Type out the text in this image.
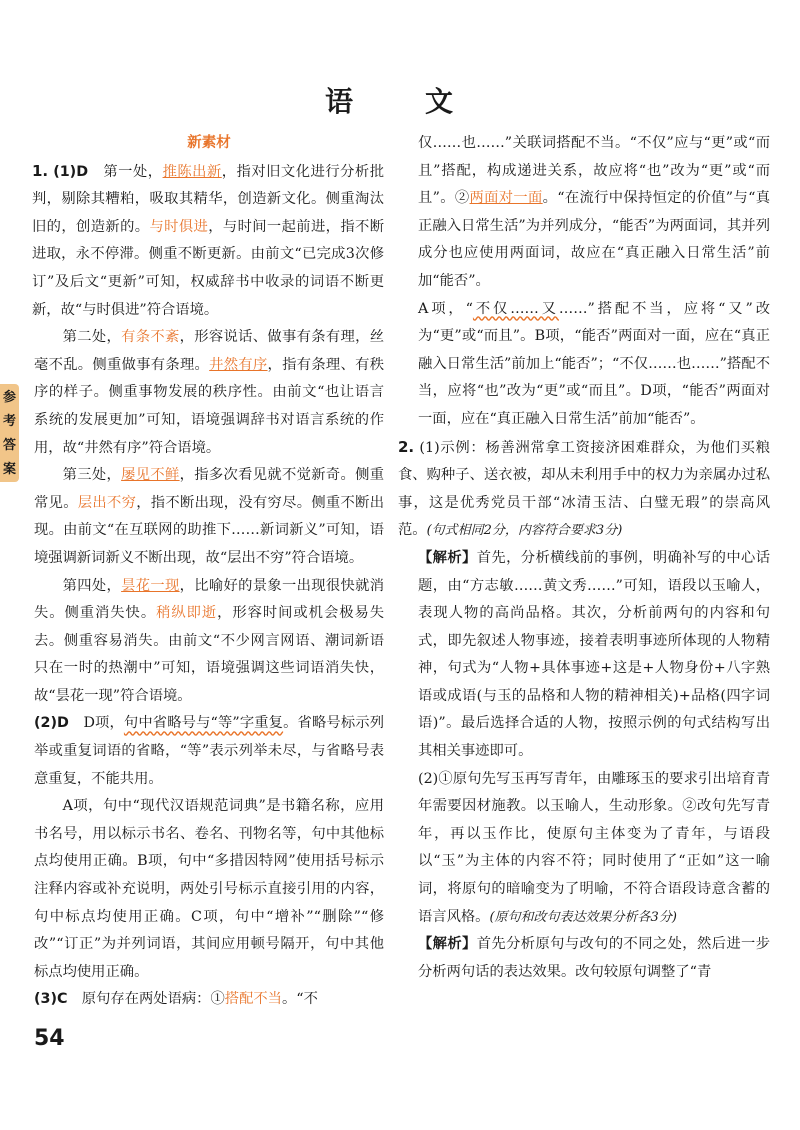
语　文
参
考
答
案

新素材

1. (1)D　第一处，推陈出新，指对旧文化进行分析批判，剔除其糟粕，吸取其精华，创造新文化。侧重淘汰旧的，创造新的。与时俱进，与时间一起前进，指不断进取，永不停滞。侧重不断更新。由前文“已完成3次修订”及后文“更新”可知，权威辞书中收录的词语不断更新，故“与时俱进”符合语境。

第二处，有条不紊，形容说话、做事有条有理，丝毫不乱。侧重做事有条理。井然有序，指有条理、有秩序的样子。侧重事物发展的秩序性。由前文“也让语言系统的发展更加”可知，语境强调辞书对语言系统的作用，故“井然有序”符合语境。

第三处，屡见不鲜，指多次看见就不觉新奇。侧重常见。层出不穷，指不断出现，没有穷尽。侧重不断出现。由前文“在互联网的助推下……新词新义”可知，语境强调新词新义不断出现，故“层出不穷”符合语境。

第四处，昙花一现，比喻好的景象一出现很快就消失。侧重消失快。稍纵即逝，形容时间或机会极易失去。侧重容易消失。由前文“不少网言网语、潮词新语只在一时的热潮中”可知，语境强调这些词语消失快，故“昙花一现”符合语境。

(2)D　D项，句中省略号与“等”字重复。省略号标示列举或重复词语的省略，“等”表示列举未尽，与省略号表意重复，不能共用。

A项，句中“现代汉语规范词典”是书籍名称，应用书名号，用以标示书名、卷名、刊物名等，句中其他标点均使用正确。B项，句中“多措因特网”使用括号标示注释内容或补充说明，两处引号标示直接引用的内容，句中标点均使用正确。C项，句中“增补”“删除”“修改”“订正”为并列词语，其间应用顿号隔开，句中其他标点均使用正确。

(3)C　原句存在两处语病：①搭配不当。“不

仅……也……”关联词搭配不当。“不仅”应与“更”或“而且”搭配，构成递进关系，故应将“也”改为“更”或“而且”。②两面对一面。“在流行中保持恒定的价值”与“真正融入日常生活”为并列成分，“能否”为两面词，其并列成分也应使用两面词，故应在“真正融入日常生活”前加“能否”。

A项，“不仅……又……”搭配不当，应将“又”改为“更”或“而且”。B项，“能否”两面对一面，应在“真正融入日常生活”前加上“能否”；“不仅……也……”搭配不当，应将“也”改为“更”或“而且”。D项，“能否”两面对一面，应在“真正融入日常生活”前加“能否”。

2. (1)示例：杨善洲常拿工资接济困难群众，为他们买粮食、购种子、送衣被，却从未利用手中的权力为亲属办过私事，这是优秀党员干部“冰清玉洁、白璧无瑕”的崇高风范。(句式相同2分，内容符合要求3分)

【解析】首先，分析横线前的事例，明确补写的中心话题，由“方志敏……黄文秀……”可知，语段以玉喻人，表现人物的高尚品格。其次，分析前两句的内容和句式，即先叙述人物事迹，接着表明事迹所体现的人物精神，句式为“人物+具体事迹+这是+人物身份+八字熟语或成语(与玉的品格和人物的精神相关)+品格(四字词语)”。最后选择合适的人物，按照示例的句式结构写出其相关事迹即可。

(2)①原句先写玉再写青年，由雕琢玉的要求引出培育青年需要因材施教。以玉喻人，生动形象。②改句先写青年，再以玉作比，使原句主体变为了青年，与语段以“玉”为主体的内容不符；同时使用了“正如”这一喻词，将原句的暗喻变为了明喻，不符合语段诗意含蓄的语言风格。(原句和改句表达效果分析各3分)

【解析】首先分析原句与改句的不同之处，然后进一步分析两句话的表达效果。改句较原句调整了“青

54
